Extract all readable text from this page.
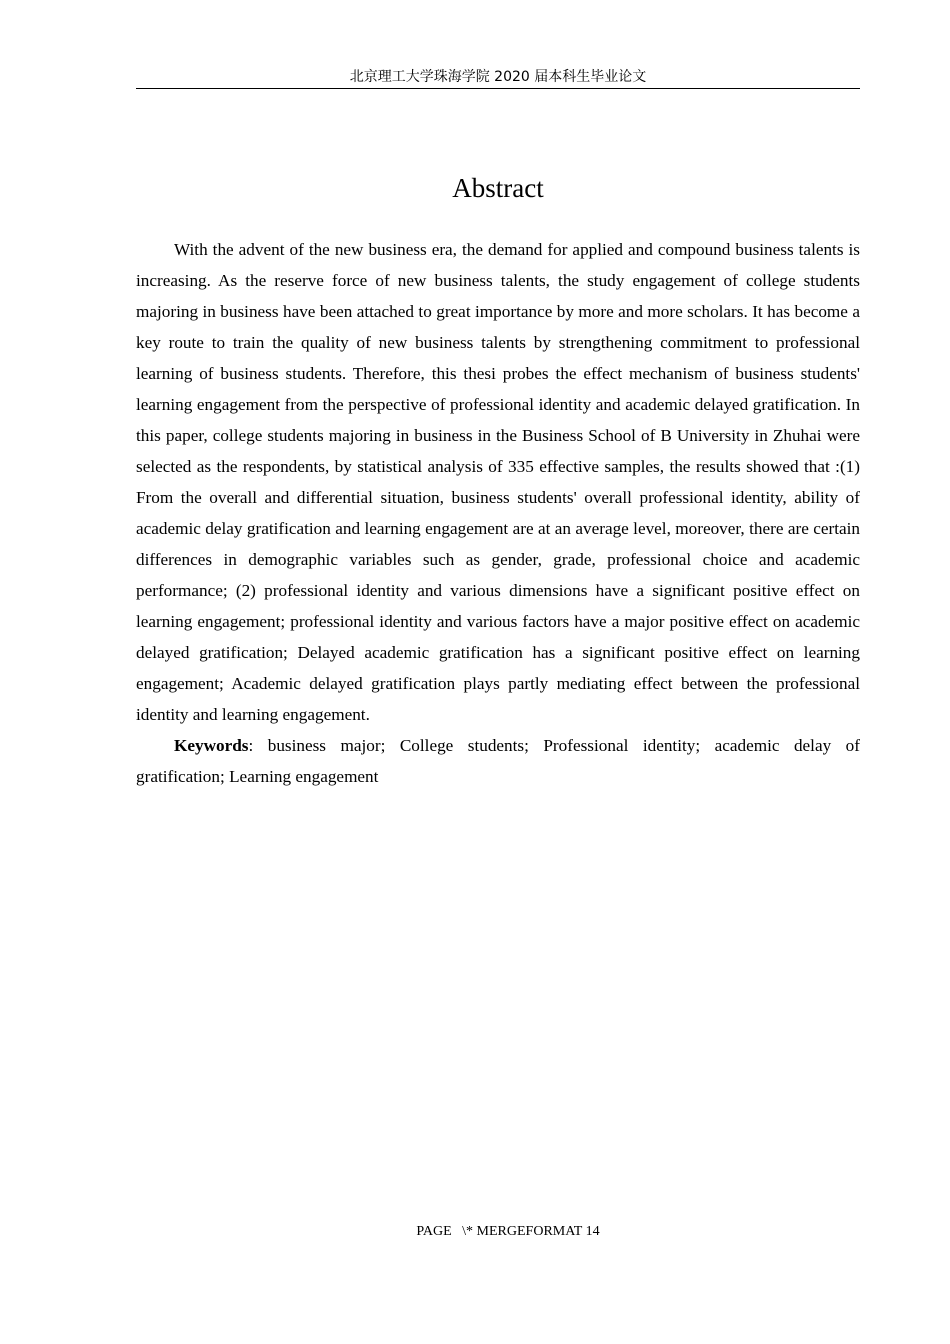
北京理工大学珠海学院 2020 届本科生毕业论文
Abstract

With the advent of the new business era, the demand for applied and compound business talents is increasing. As the reserve force of new business talents, the study engagement of college students majoring in business have been attached to great importance by more and more scholars. It has become a key route to train the quality of new business talents by strengthening commitment to professional learning of business students. Therefore, this thesi probes the effect mechanism of business students' learning engagement from the perspective of professional identity and academic delayed gratification. In this paper, college students majoring in business in the Business School of B University in Zhuhai were selected as the respondents, by statistical analysis of 335 effective samples, the results showed that :(1) From the overall and differential situation, business students' overall professional identity, ability of academic delay gratification and learning engagement are at an average level, moreover, there are certain differences in demographic variables such as gender, grade, professional choice and academic performance; (2) professional identity and various dimensions have a significant positive effect on learning engagement; professional identity and various factors have a major positive effect on academic delayed gratification; Delayed academic gratification has a significant positive effect on learning engagement; Academic delayed gratification plays partly mediating effect between the professional identity and learning engagement.

Keywords: business major; College students; Professional identity; academic delay of gratification; Learning engagement

PAGE   \* MERGEFORMAT 14
